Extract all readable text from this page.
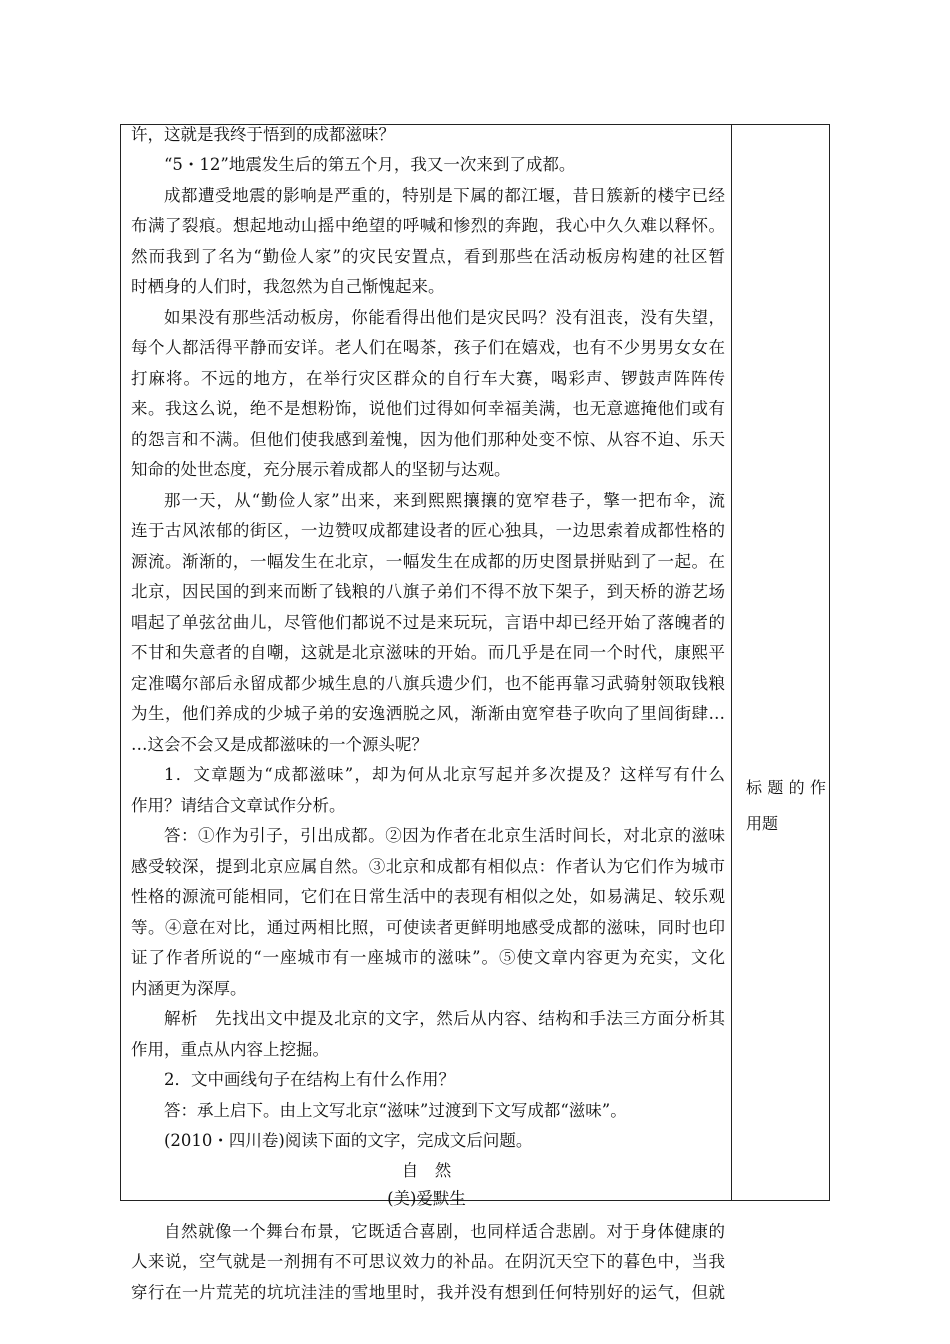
许，这就是我终于悟到的成都滋味？
“5・12”地震发生后的第五个月，我又一次来到了成都。
成都遭受地震的影响是严重的，特别是下属的都江堰，昔日簇新的楼宇已经
布满了裂痕。想起地动山摇中绝望的呼喊和惨烈的奔跑，我心中久久难以释怀。
然而我到了名为“勤俭人家”的灾民安置点，看到那些在活动板房构建的社区暂
时栖身的人们时，我忽然为自己惭愧起来。
如果没有那些活动板房，你能看得出他们是灾民吗？没有沮丧，没有失望，
每个人都活得平静而安详。老人们在喝茶，孩子们在嬉戏，也有不少男男女女在
打麻将。不远的地方，在举行灾区群众的自行车大赛，喝彩声、锣鼓声阵阵传
来。我这么说，绝不是想粉饰，说他们过得如何幸福美满，也无意遮掩他们或有
的怨言和不满。但他们使我感到羞愧，因为他们那种处变不惊、从容不迫、乐天
知命的处世态度，充分展示着成都人的坚韧与达观。
那一天，从“勤俭人家”出来，来到熙熙攘攘的宽窄巷子，擎一把布伞，流
连于古风浓郁的街区，一边赞叹成都建设者的匠心独具，一边思索着成都性格的
源流。渐渐的，一幅发生在北京，一幅发生在成都的历史图景拼贴到了一起。在
北京，因民国的到来而断了钱粮的八旗子弟们不得不放下架子，到天桥的游艺场
唱起了单弦岔曲儿，尽管他们都说不过是来玩玩，言语中却已经开始了落魄者的
不甘和失意者的自嘲，这就是北京滋味的开始。而几乎是在同一个时代，康熙平
定准噶尔部后永留成都少城生息的八旗兵遗少们，也不能再靠习武骑射领取钱粮
为生，他们养成的少城子弟的安逸洒脱之风，渐渐由宽窄巷子吹向了里闾街肆…
…这会不会又是成都滋味的一个源头呢？
1．文章题为“成都滋味”，却为何从北京写起并多次提及？这样写有什么
作用？请结合文章试作分析。
答：①作为引子，引出成都。②因为作者在北京生活时间长，对北京的滋味
感受较深，提到北京应属自然。③北京和成都有相似点：作者认为它们作为城市
性格的源流可能相同，它们在日常生活中的表现有相似之处，如易满足、较乐观
等。④意在对比，通过两相比照，可使读者更鲜明地感受成都的滋味，同时也印
证了作者所说的“一座城市有一座城市的滋味”。⑤使文章内容更为充实，文化
内涵更为深厚。
解析　先找出文中提及北京的文字，然后从内容、结构和手法三方面分析其
作用，重点从内容上挖掘。
2．文中画线句子在结构上有什么作用？
答：承上启下。由上文写北京“滋味”过渡到下文写成都“滋味”。
(2010・四川卷)阅读下面的文字，完成文后问题。
自　然
(美)爱默生
自然就像一个舞台布景，它既适合喜剧，也同样适合悲剧。对于身体健康的
人来说，空气就是一剂拥有不可思议效力的补品。在阴沉天空下的暮色中，当我
穿行在一片荒芜的坑坑洼洼的雪地里时，我并没有想到任何特别好的运气，但就
标题的作
用题
